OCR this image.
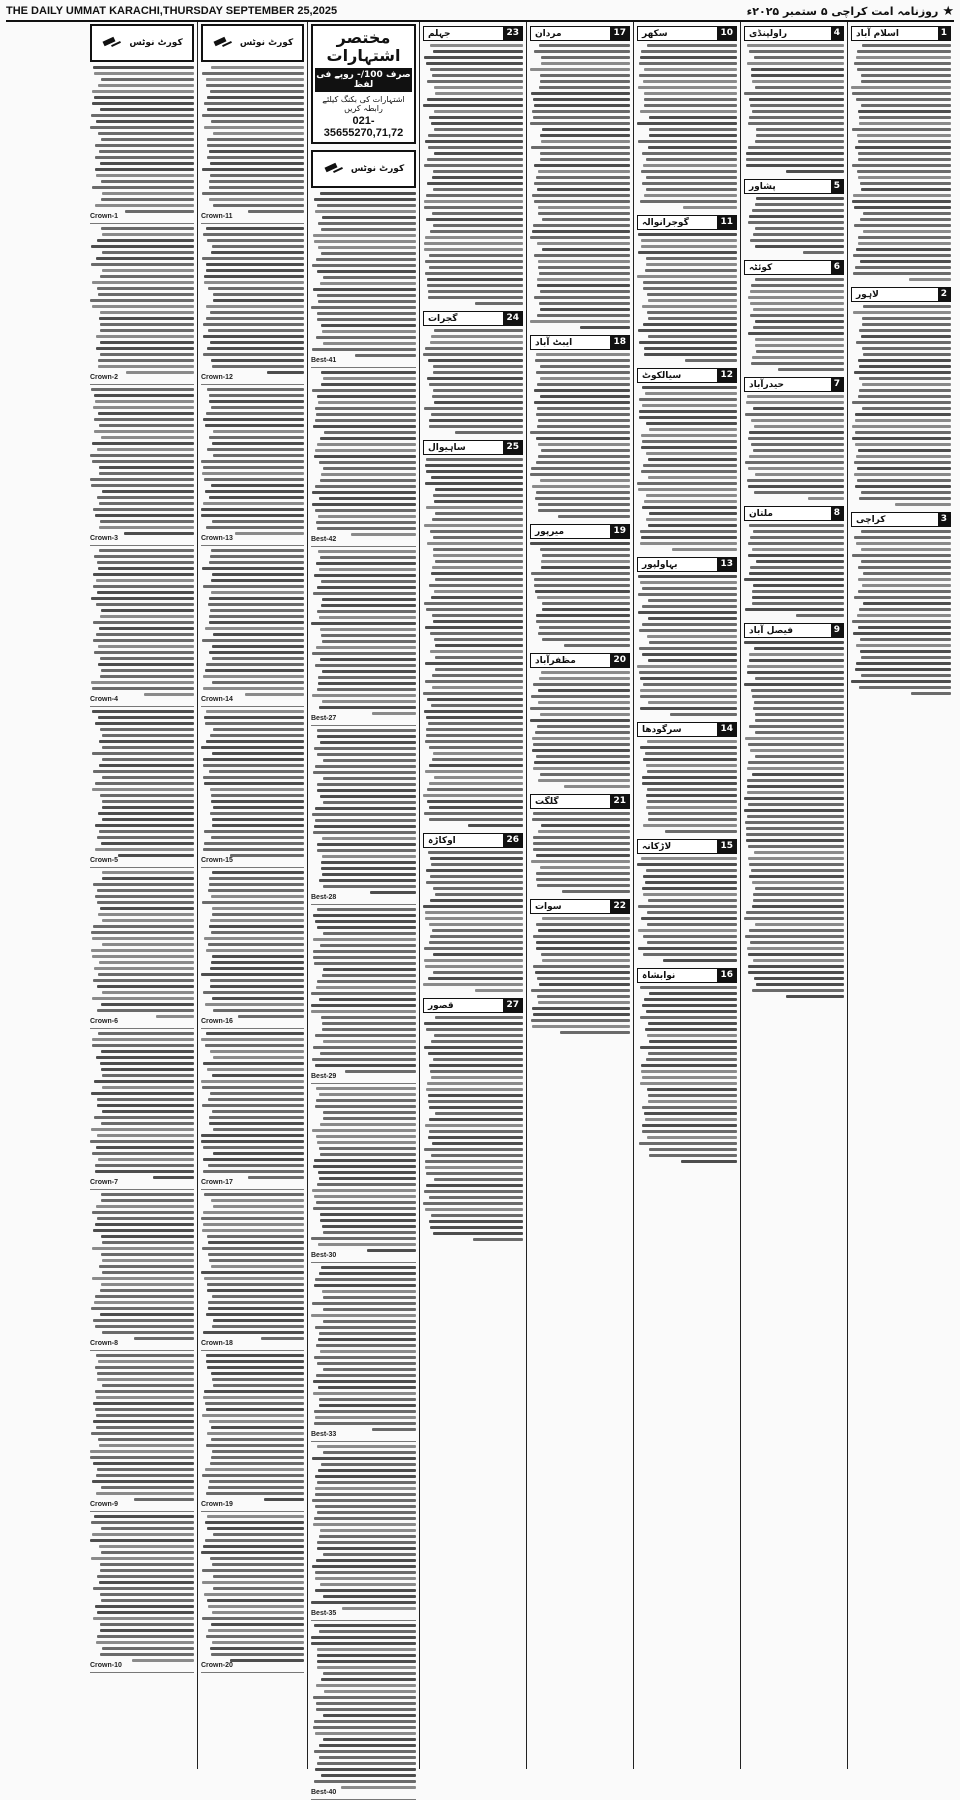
THE DAILY UMMAT KARACHI,THURSDAY SEPTEMBER 25,2025	★
روزنامہ امت کراچی ۵ ستمبر ۲۰۲۵ء
1
اسلام آباد
2
لاہور
3
کراچی
4
راولپنڈی
5
پشاور
6
کوئٹہ
7
حیدرآباد
8
ملتان
9
فیصل آباد
10
سکھر
11
گوجرانوالہ
12
سیالکوٹ
13
بہاولپور
14
سرگودھا
15
لاڑکانہ
16
نوابشاہ
17
مردان
18
ایبٹ آباد
19
میرپور
20
مظفرآباد
21
گلگت
22
سوات
23
جہلم
24
گجرات
25
ساہیوال
26
اوکاڑہ
27
قصور
مختصر اشتہارات
صرف 100/- روپے فی لفظ
اشتہارات کی بکنگ کیلئے رابطہ کریں
021-35655270,71,72
کورٹ نوٹس
Best-41
Best-42
Best-27
Best-28
Best-29
Best-30
Best-33
Best-35
Best-40
کورٹ نوٹس
Crown-11
Crown-12
Crown-13
Crown-14
Crown-15
Crown-16
Crown-17
Crown-18
Crown-19
Crown-20
کورٹ نوٹس
Crown-1
Crown-2
Crown-3
Crown-4
Crown-5
Crown-6
Crown-7
Crown-8
Crown-9
Crown-10
